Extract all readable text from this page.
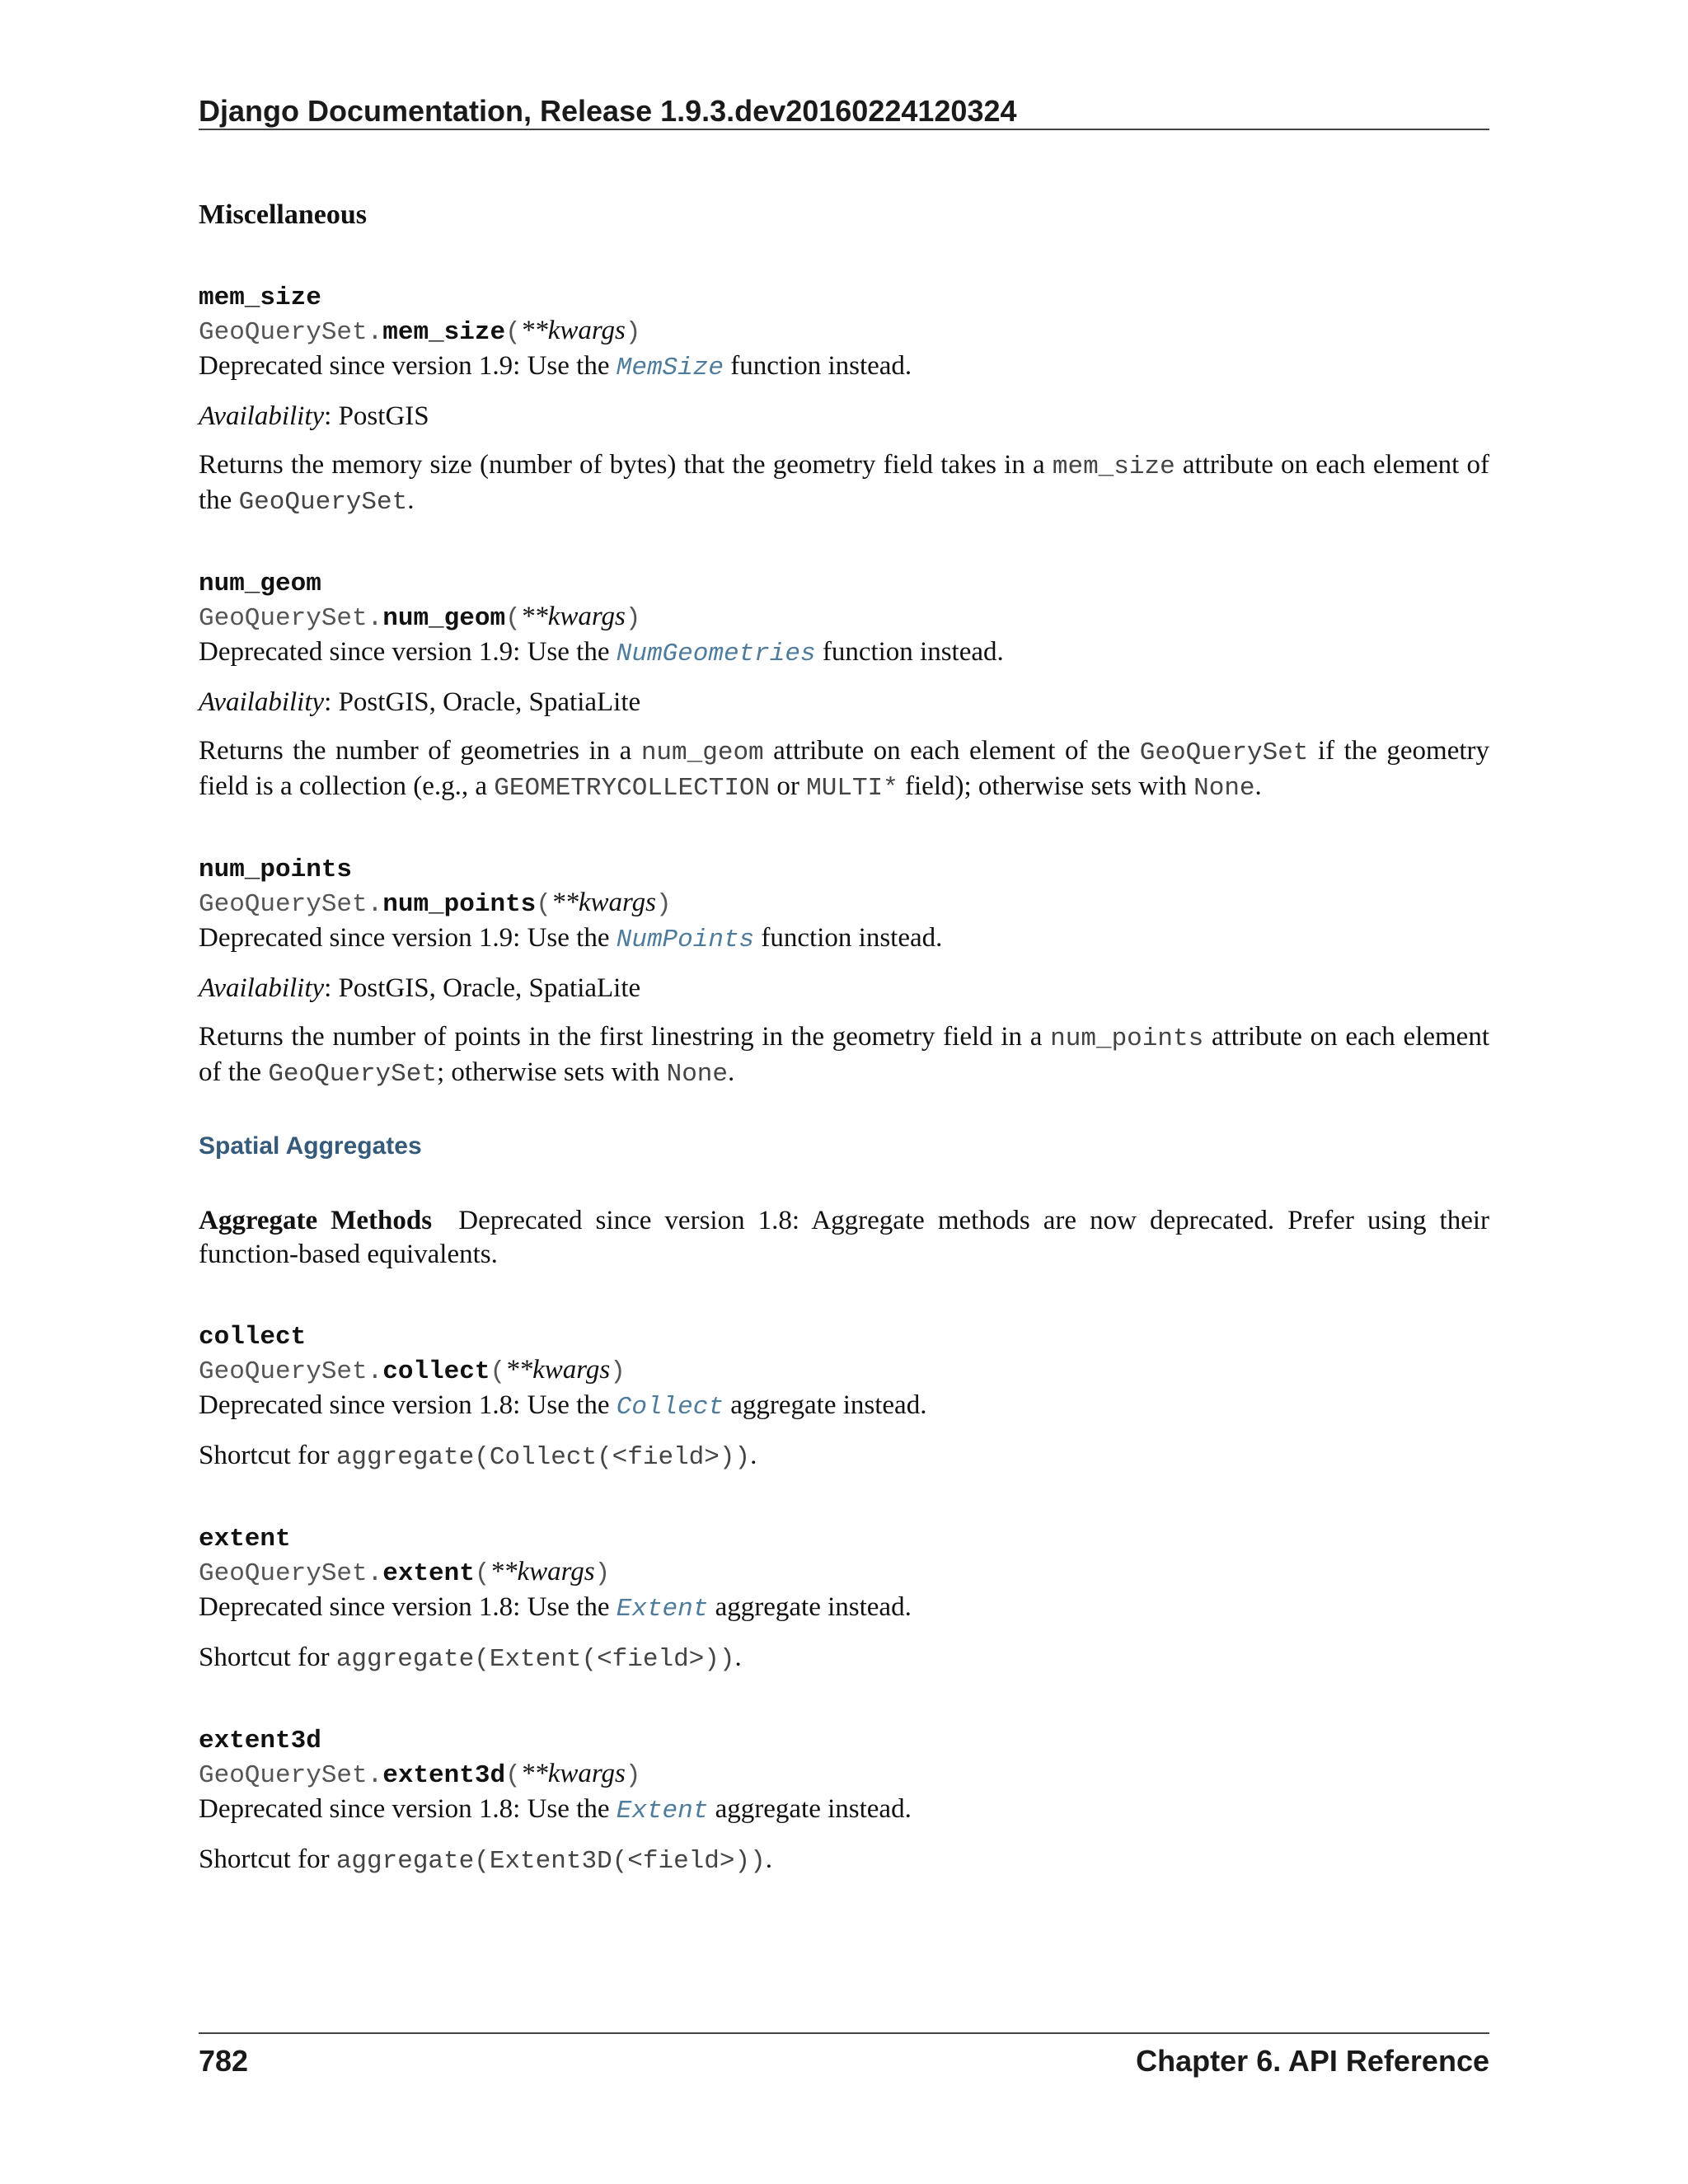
Django Documentation, Release 1.9.3.dev20160224120324

Miscellaneous

mem_size
GeoQuerySet.mem_size(**kwargs)

Deprecated since version 1.9: Use the MemSize function instead.

Availability: PostGIS

Returns the memory size (number of bytes) that the geometry field takes in a mem_size attribute on each element of the GeoQuerySet.

num_geom
GeoQuerySet.num_geom(**kwargs)

Deprecated since version 1.9: Use the NumGeometries function instead.

Availability: PostGIS, Oracle, SpatiaLite

Returns the number of geometries in a num_geom attribute on each element of the GeoQuerySet if the geometry field is a collection (e.g., a GEOMETRYCOLLECTION or MULTI* field); otherwise sets with None.

num_points
GeoQuerySet.num_points(**kwargs)

Deprecated since version 1.9: Use the NumPoints function instead.

Availability: PostGIS, Oracle, SpatiaLite

Returns the number of points in the first linestring in the geometry field in a num_points attribute on each element of the GeoQuerySet; otherwise sets with None.

Spatial Aggregates

Aggregate Methods Deprecated since version 1.8: Aggregate methods are now deprecated. Prefer using their function-based equivalents.

collect
GeoQuerySet.collect(**kwargs)

Deprecated since version 1.8: Use the Collect aggregate instead.

Shortcut for aggregate(Collect(<field>)).

extent
GeoQuerySet.extent(**kwargs)

Deprecated since version 1.8: Use the Extent aggregate instead.

Shortcut for aggregate(Extent(<field>)).

extent3d
GeoQuerySet.extent3d(**kwargs)

Deprecated since version 1.8: Use the Extent aggregate instead.

Shortcut for aggregate(Extent3D(<field>)).

782	Chapter 6. API Reference
